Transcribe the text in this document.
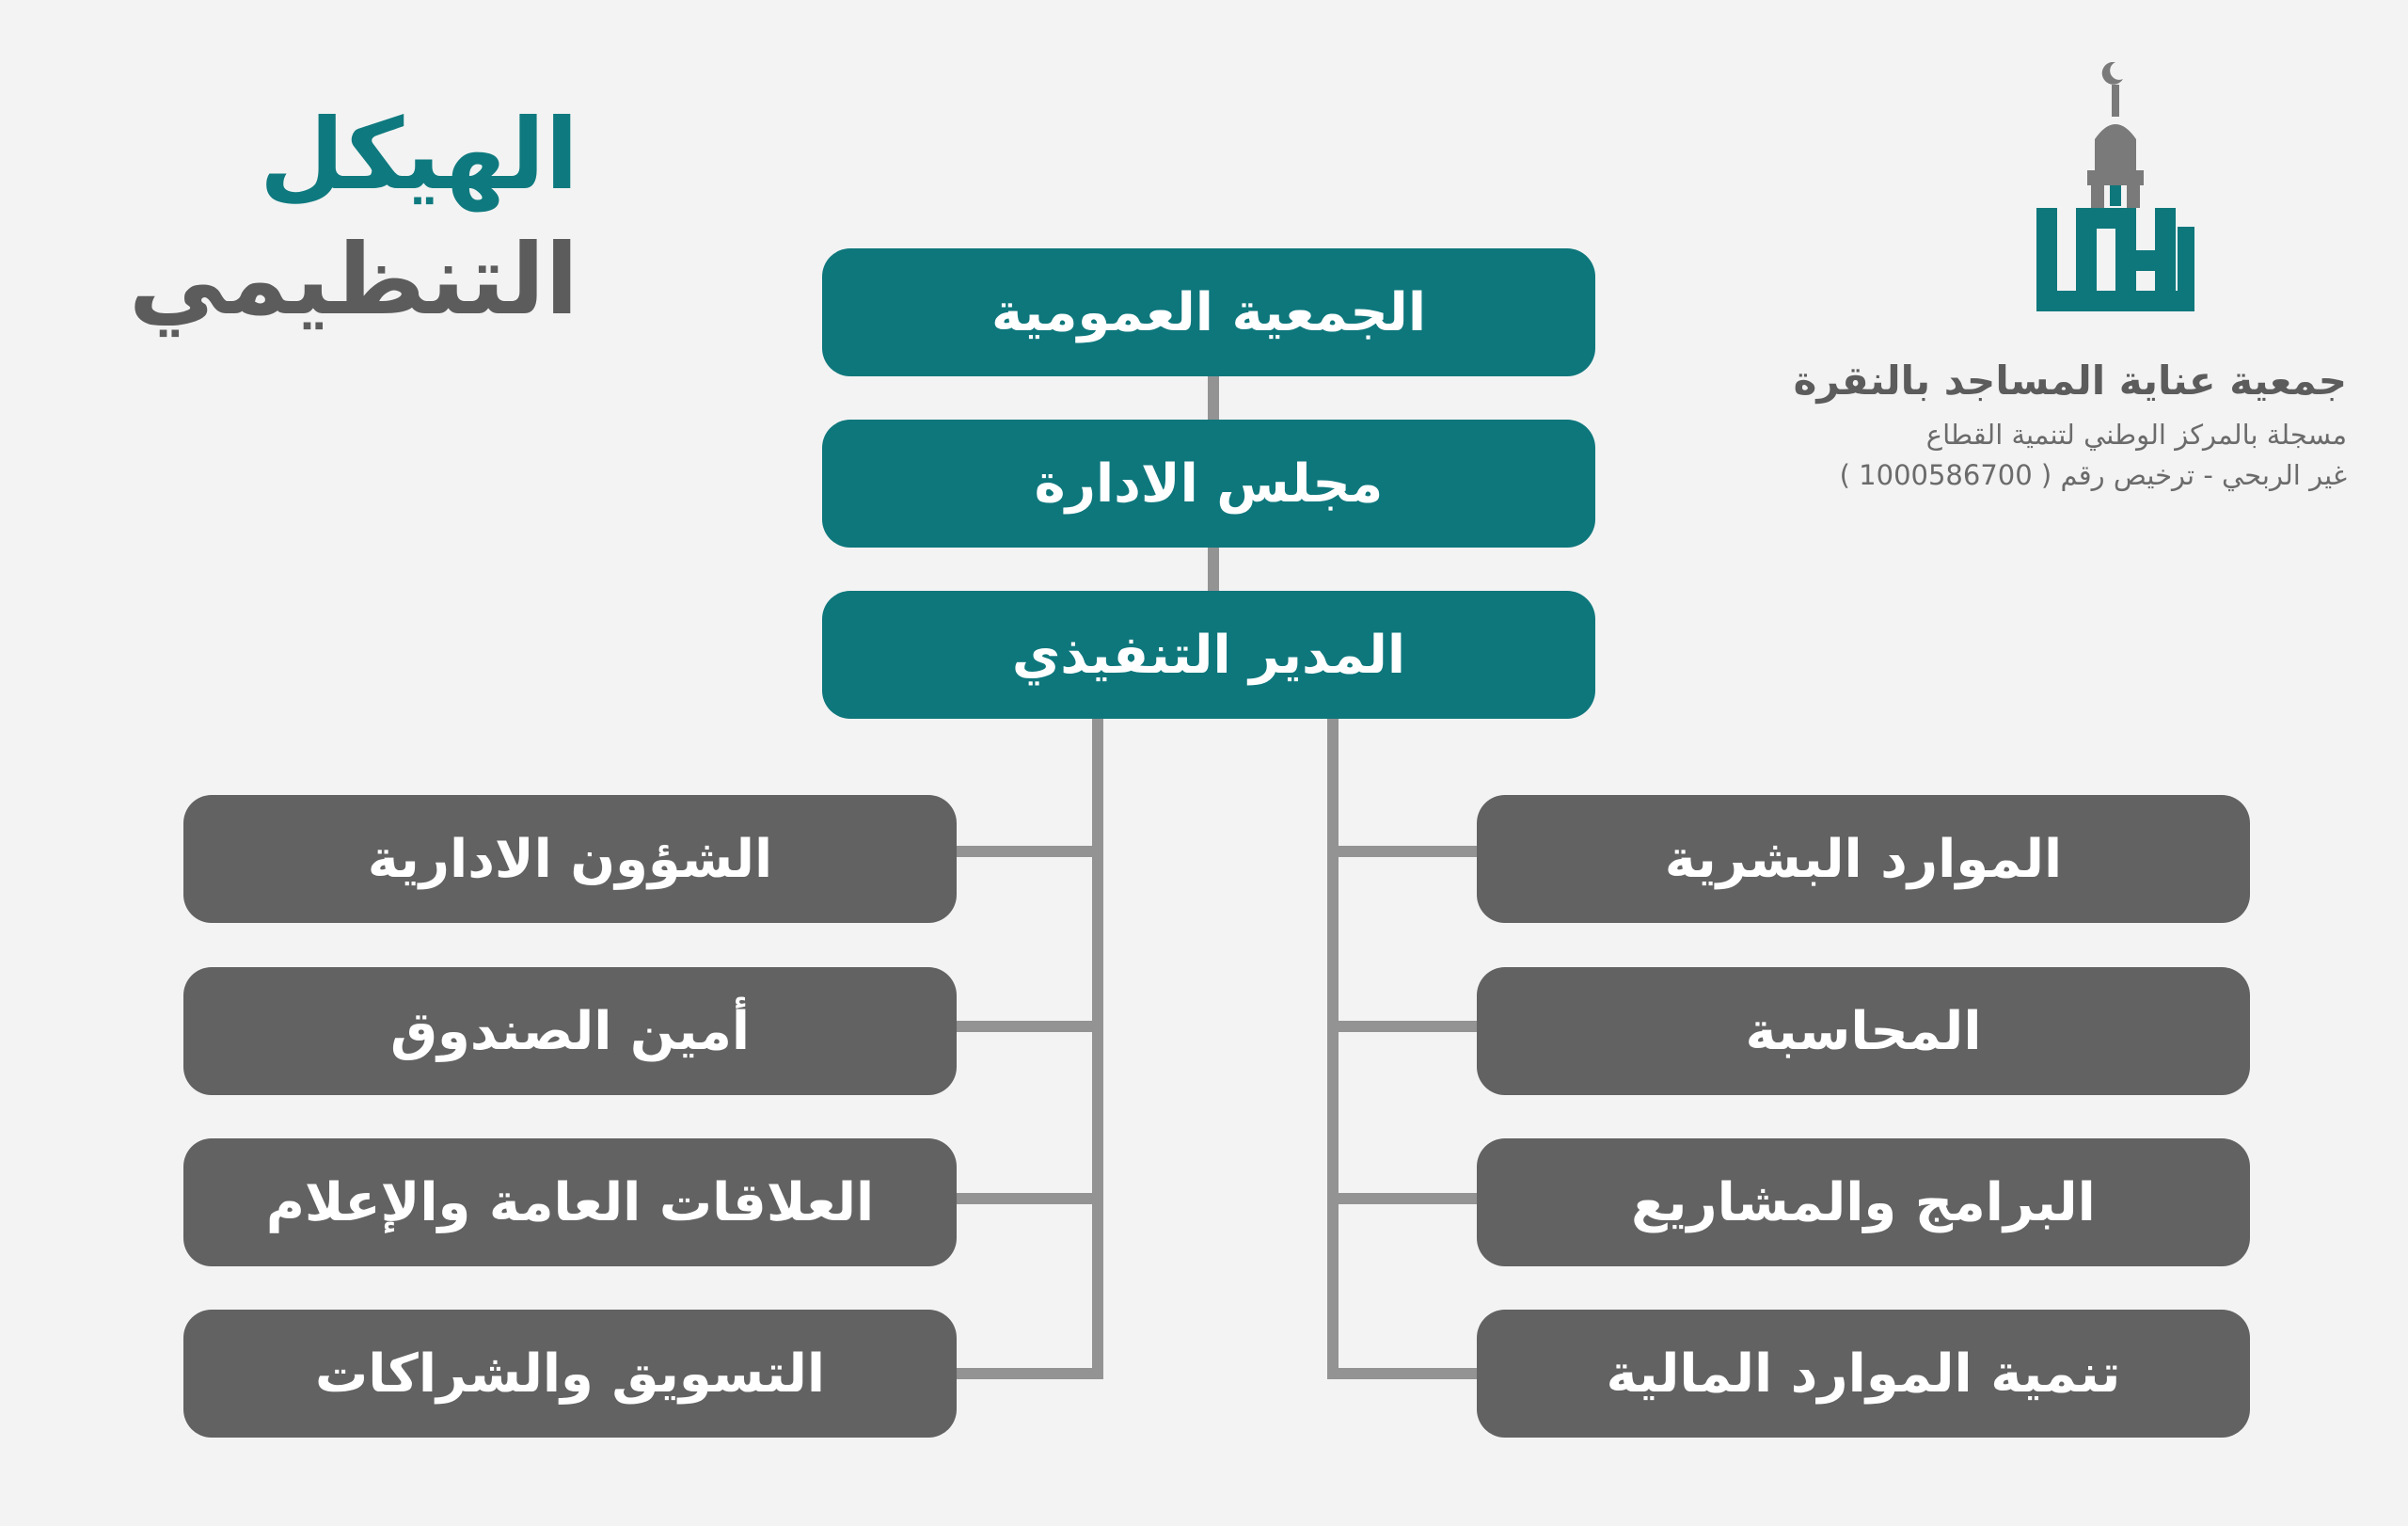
الهيكل
التنظيمي
جمعية عناية المساجد بالنقرة
مسجلة بالمركز الوطني لتنمية القطاع
غير الربحي - ترخيص رقم ( 1000586700 )
الجمعية العمومية
مجلس الادارة
المدير التنفيذي
الشؤون الادارية
أمين الصندوق
العلاقات العامة والإعلام
التسويق والشراكات
الموارد البشرية
المحاسبة
البرامج والمشاريع
تنمية الموارد المالية
